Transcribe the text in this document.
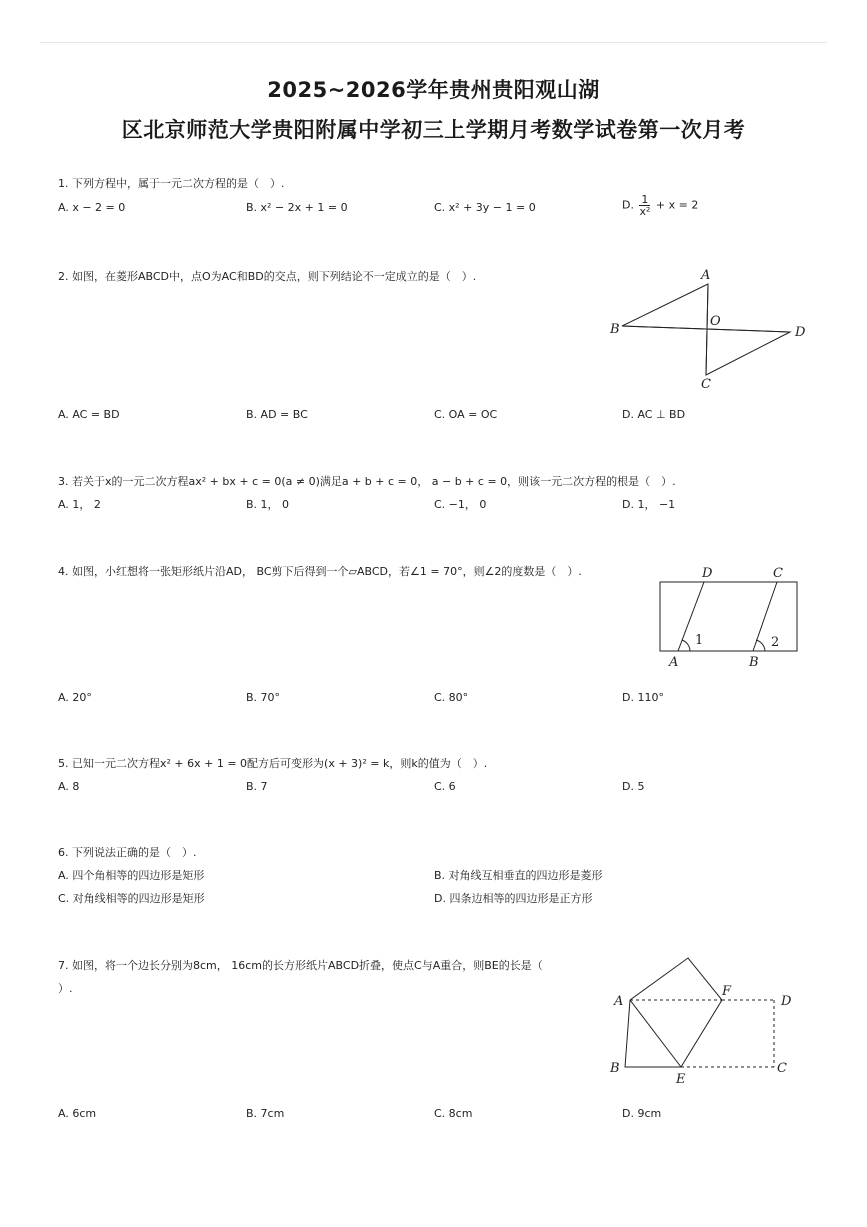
2025~2026学年贵州贵阳观山湖
区北京师范大学贵阳附属中学初三上学期月考数学试卷第一次月考
1. 下列方程中，属于一元二次方程的是（　）.
A. x − 2 = 0	B. x² − 2x + 1 = 0	C. x² + 3y − 1 = 0	D. $\frac{1}{\text{x²}} + x = 2$
2. 如图，在菱形ABCD中，点O为AC和BD的交点，则下列结论不一定成立的是（　）.	A
B
C
D
O
A. AC = BD	B. AD = BC	C. OA = OC	D. AC ⊥ BD
3. 若关于x的一元二次方程ax² + bx + c = 0(a ≠ 0)满足a + b + c = 0， a − b + c = 0，则该一元二次方程的根是（　）.
A. 1， 2	B. 1， 0	C. −1， 0	D. 1， −1
4. 如图，小红想将一张矩形纸片沿AD， BC剪下后得到一个▱ABCD，若∠1 = 70°，则∠2的度数是（　）.	D	C
A	B
1	2
A. 20°	B. 70°	C. 80°	D. 110°
5. 已知一元二次方程x² + 6x + 1 = 0配方后可变形为(x + 3)² = k，则k的值为（　）.
A. 8	B. 7	C. 6	D. 5
6. 下列说法正确的是（　）.
A. 四个角相等的四边形是矩形	B. 对角线互相垂直的四边形是菱形
C. 对角线相等的四边形是矩形	D. 四条边相等的四边形是正方形
7. 如图，将一个边长分别为8cm， 16cm的长方形纸片ABCD折叠，使点C与A重合，则BE的长是（
）.
A
F
D
B
E
C
A. 6cm	B. 7cm	C. 8cm	D. 9cm
